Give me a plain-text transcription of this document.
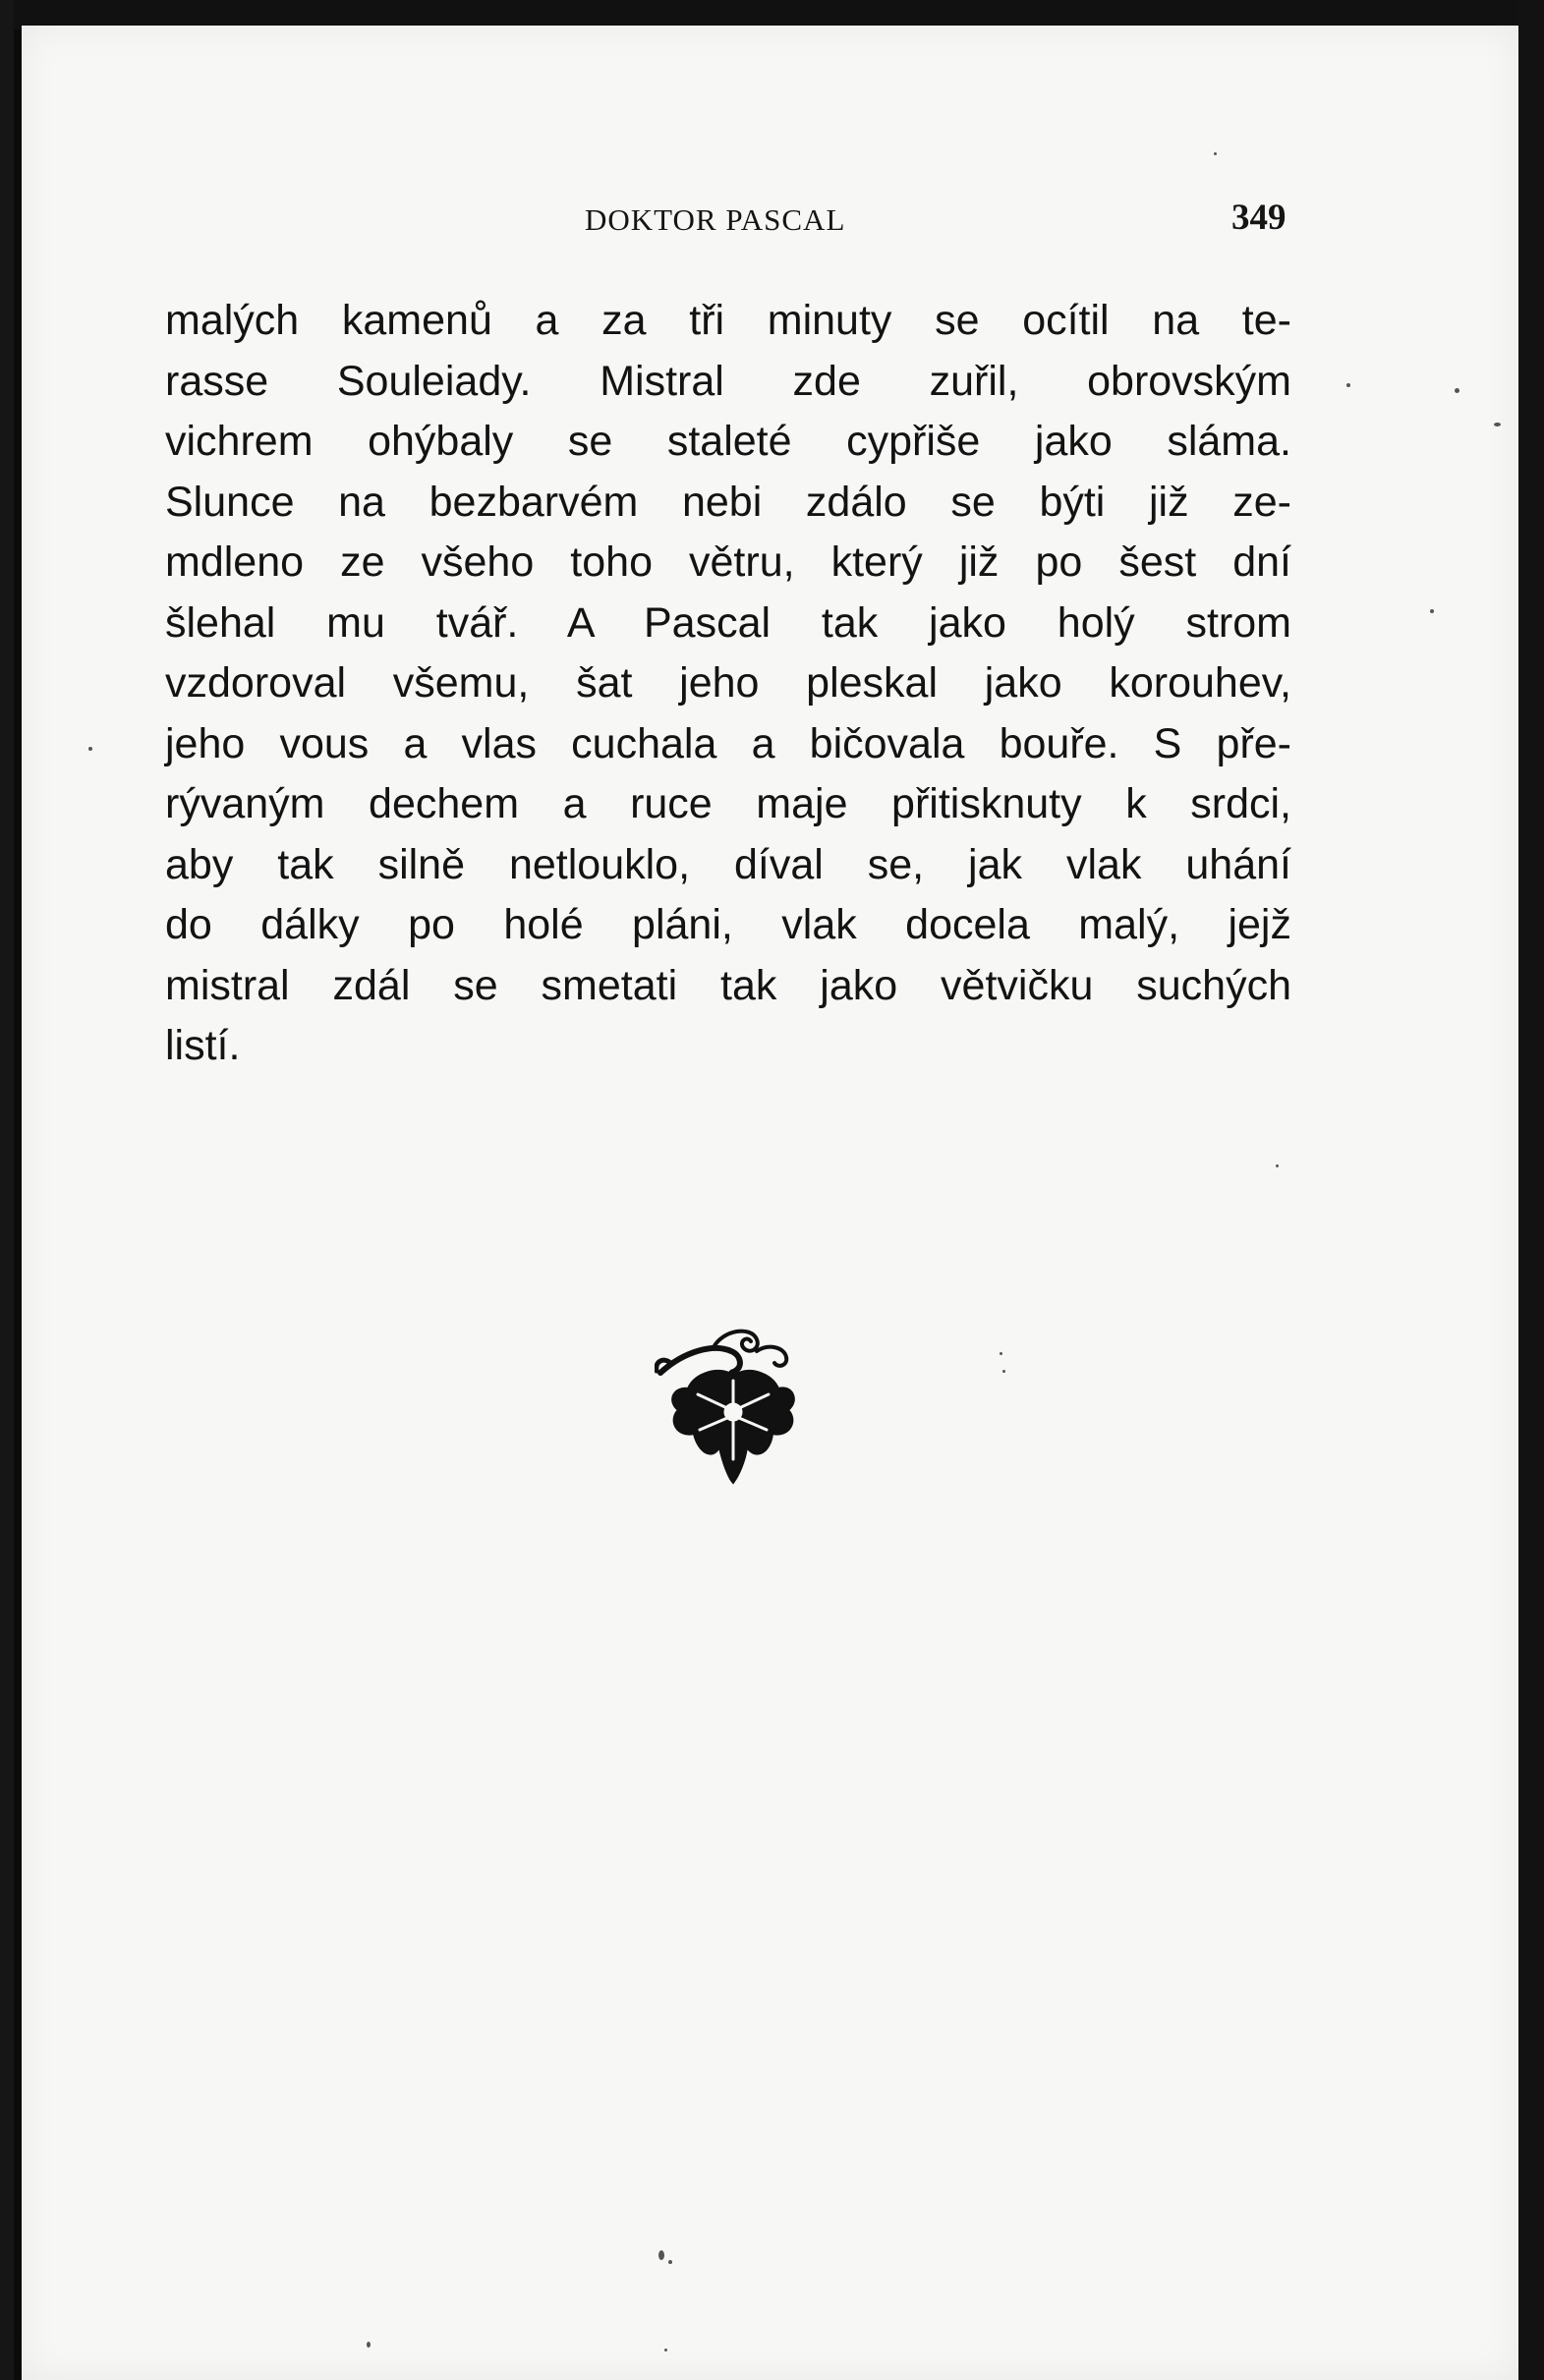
DOKTOR PASCAL	349
malých kamenů a za tři minuty se ocítil na te-
rasse Souleiady. Mistral zde zuřil, obrovským
vichrem ohýbaly se staleté cypřiše jako sláma.
Slunce na bezbarvém nebi zdálo se býti již ze-
mdleno ze všeho toho větru, který již po šest dní
šlehal mu tvář. A Pascal tak jako holý strom
vzdoroval všemu, šat jeho pleskal jako korouhev,
jeho vous a vlas cuchala a bičovala bouře. S pře-
rývaným dechem a ruce maje přitisknuty k srdci,
aby tak silně netlouklo, díval se, jak vlak uhání
do dálky po holé pláni, vlak docela malý, jejž
mistral zdál se smetati tak jako větvičku suchých
listí.
